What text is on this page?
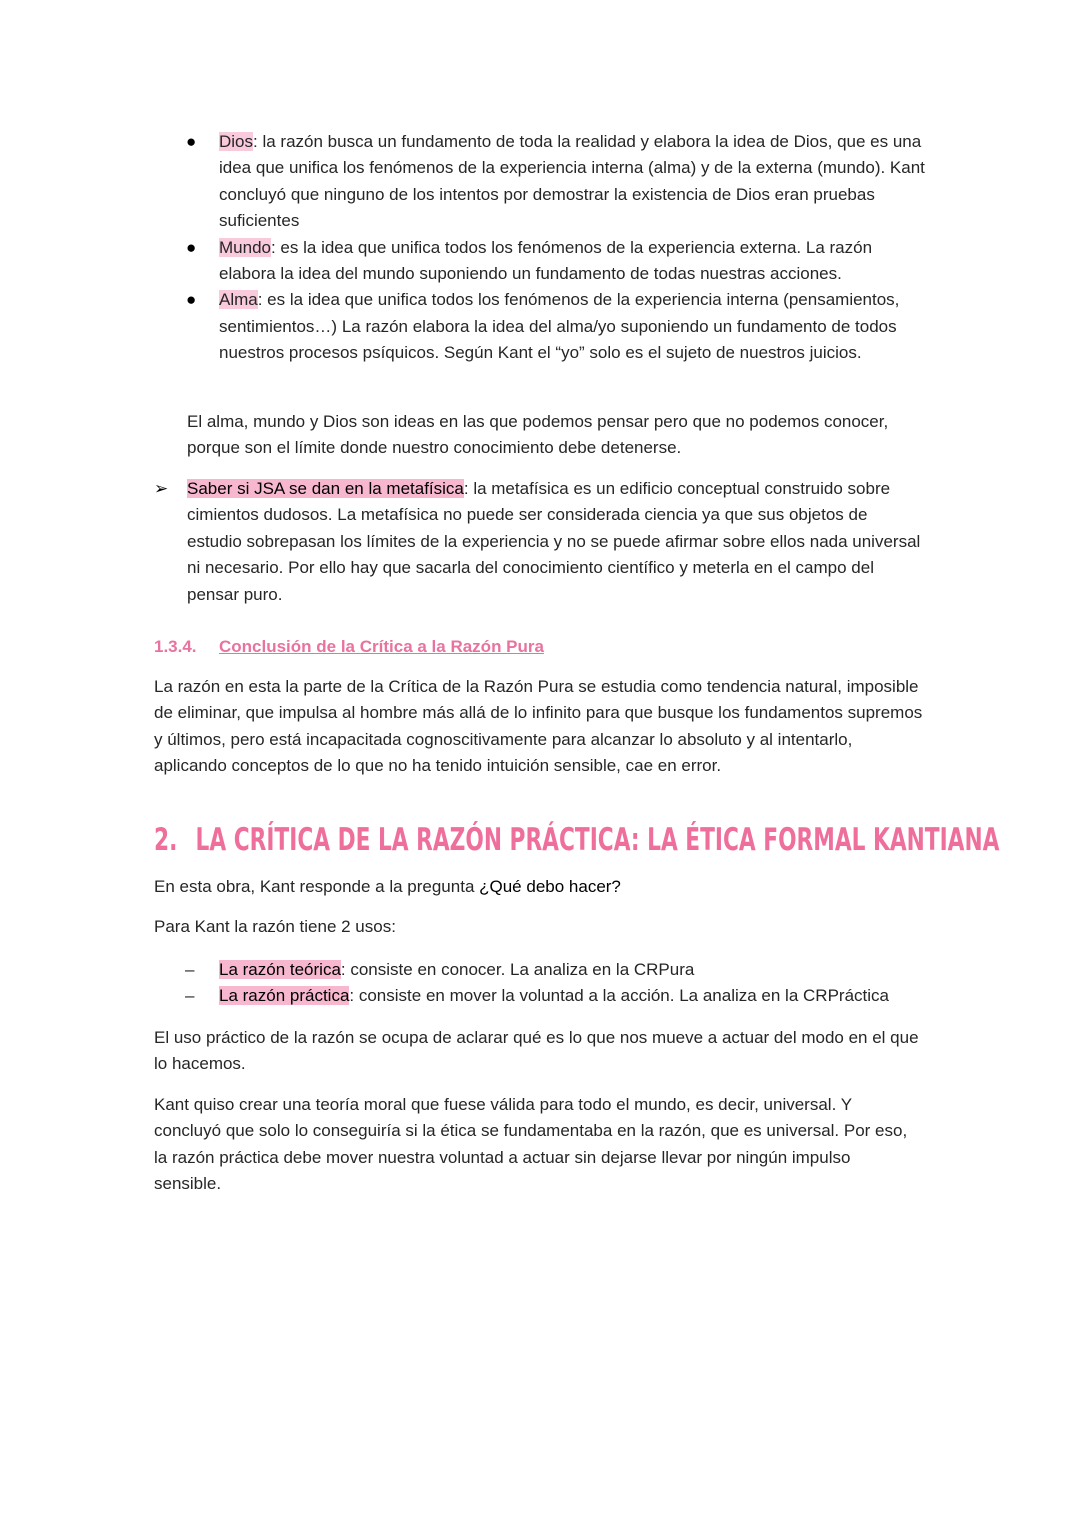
● Dios: la razón busca un fundamento de toda la realidad y elabora la idea de Dios, que es una idea que unifica los fenómenos de la experiencia interna (alma) y de la externa (mundo). Kant concluyó que ninguno de los intentos por demostrar la existencia de Dios eran pruebas suficientes
● Mundo: es la idea que unifica todos los fenómenos de la experiencia externa. La razón elabora la idea del mundo suponiendo un fundamento de todas nuestras acciones.
● Alma: es la idea que unifica todos los fenómenos de la experiencia interna (pensamientos, sentimientos…) La razón elabora la idea del alma/yo suponiendo un fundamento de todos nuestros procesos psíquicos. Según Kant el “yo” solo es el sujeto de nuestros juicios.

El alma, mundo y Dios son ideas en las que podemos pensar pero que no podemos conocer, porque son el límite donde nuestro conocimiento debe detenerse.

➢ Saber si JSA se dan en la metafísica: la metafísica es un edificio conceptual construido sobre cimientos dudosos. La metafísica no puede ser considerada ciencia ya que sus objetos de estudio sobrepasan los límites de la experiencia y no se puede afirmar sobre ellos nada universal ni necesario. Por ello hay que sacarla del conocimiento científico y meterla en el campo del pensar puro.

1.3.4. Conclusión de la Crítica a la Razón Pura

La razón en esta la parte de la Crítica de la Razón Pura se estudia como tendencia natural, imposible de eliminar, que impulsa al hombre más allá de lo infinito para que busque los fundamentos supremos y últimos, pero está incapacitada cognoscitivamente para alcanzar lo absoluto y al intentarlo, aplicando conceptos de lo que no ha tenido intuición sensible, cae en error.

2. LA CRÍTICA DE LA RAZÓN PRÁCTICA: LA ÉTICA FORMAL KANTIANA

En esta obra, Kant responde a la pregunta ¿Qué debo hacer?

Para Kant la razón tiene 2 usos:

– La razón teórica: consiste en conocer. La analiza en la CRPura
– La razón práctica: consiste en mover la voluntad a la acción. La analiza en la CRPráctica

El uso práctico de la razón se ocupa de aclarar qué es lo que nos mueve a actuar del modo en el que lo hacemos.

Kant quiso crear una teoría moral que fuese válida para todo el mundo, es decir, universal. Y concluyó que solo lo conseguiría si la ética se fundamentaba en la razón, que es universal. Por eso, la razón práctica debe mover nuestra voluntad a actuar sin dejarse llevar por ningún impulso sensible.
